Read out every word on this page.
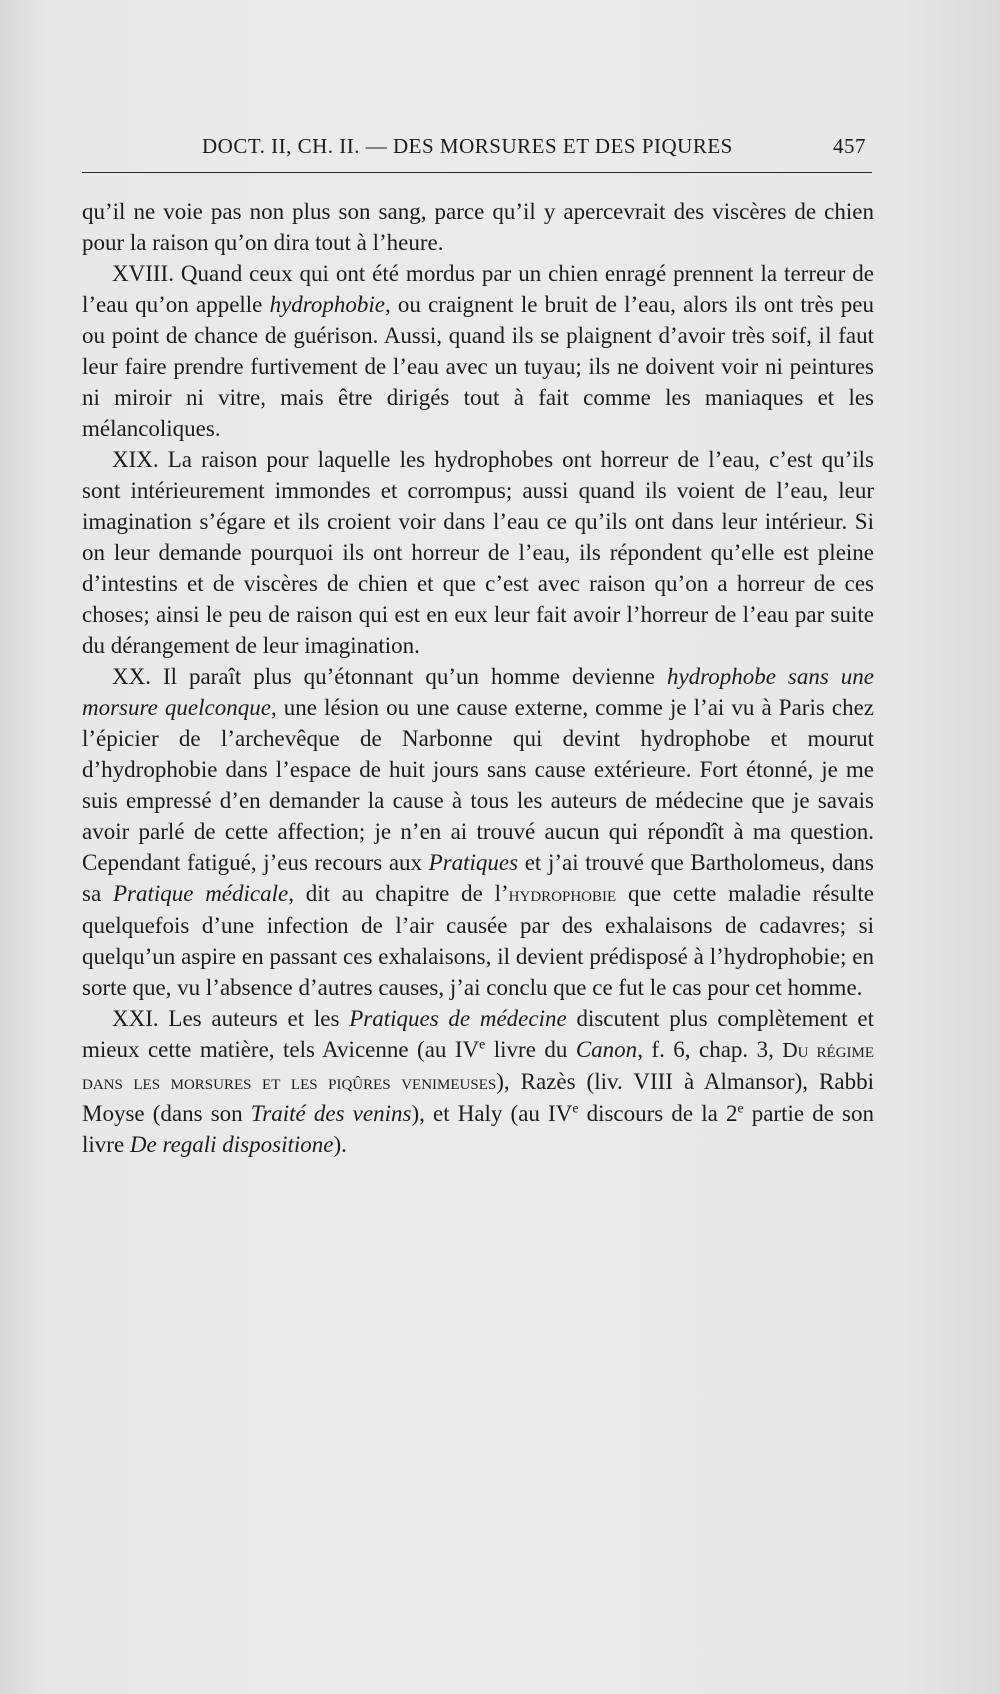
DOCT. II, CH. II. — DES MORSURES ET DES PIQURES	457

qu’il ne voie pas non plus son sang, parce qu’il y apercevrait des viscères de chien pour la raison qu’on dira tout à l’heure.

XVIII. Quand ceux qui ont été mordus par un chien enragé prennent la terreur de l’eau qu’on appelle hydrophobie, ou craignent le bruit de l’eau, alors ils ont très peu ou point de chance de guérison. Aussi, quand ils se plaignent d’avoir très soif, il faut leur faire prendre furtivement de l’eau avec un tuyau; ils ne doivent voir ni peintures ni miroir ni vitre, mais être dirigés tout à fait comme les maniaques et les mélancoliques.

XIX. La raison pour laquelle les hydrophobes ont horreur de l’eau, c’est qu’ils sont intérieurement immondes et corrompus; aussi quand ils voient de l’eau, leur imagination s’égare et ils croient voir dans l’eau ce qu’ils ont dans leur intérieur. Si on leur demande pourquoi ils ont horreur de l’eau, ils répondent qu’elle est pleine d’intestins et de viscères de chien et que c’est avec raison qu’on a horreur de ces choses; ainsi le peu de raison qui est en eux leur fait avoir l’horreur de l’eau par suite du dérangement de leur imagination.

XX. Il paraît plus qu’étonnant qu’un homme devienne hydrophobe sans une morsure quelconque, une lésion ou une cause externe, comme je l’ai vu à Paris chez l’épicier de l’archevêque de Narbonne qui devint hydrophobe et mourut d’hydrophobie dans l’espace de huit jours sans cause extérieure. Fort étonné, je me suis empressé d’en demander la cause à tous les auteurs de médecine que je savais avoir parlé de cette affection; je n’en ai trouvé aucun qui répondît à ma question. Cependant fatigué, j’eus recours aux Pratiques et j’ai trouvé que Bartholomeus, dans sa Pratique médicale, dit au chapitre de l’hydrophobie que cette maladie résulte quelquefois d’une infection de l’air causée par des exhalaisons de cadavres; si quelqu’un aspire en passant ces exhalaisons, il devient prédisposé à l’hydrophobie; en sorte que, vu l’absence d’autres causes, j’ai conclu que ce fut le cas pour cet homme.

XXI. Les auteurs et les Pratiques de médecine discutent plus complètement et mieux cette matière, tels Avicenne (au IVe livre du Canon, f. 6, chap. 3, Du régime dans les morsures et les piqûres venimeuses), Razès (liv. VIII à Almansor), Rabbi Moyse (dans son Traité des venins), et Haly (au IVe discours de la 2e partie de son livre De regali dispositione).
